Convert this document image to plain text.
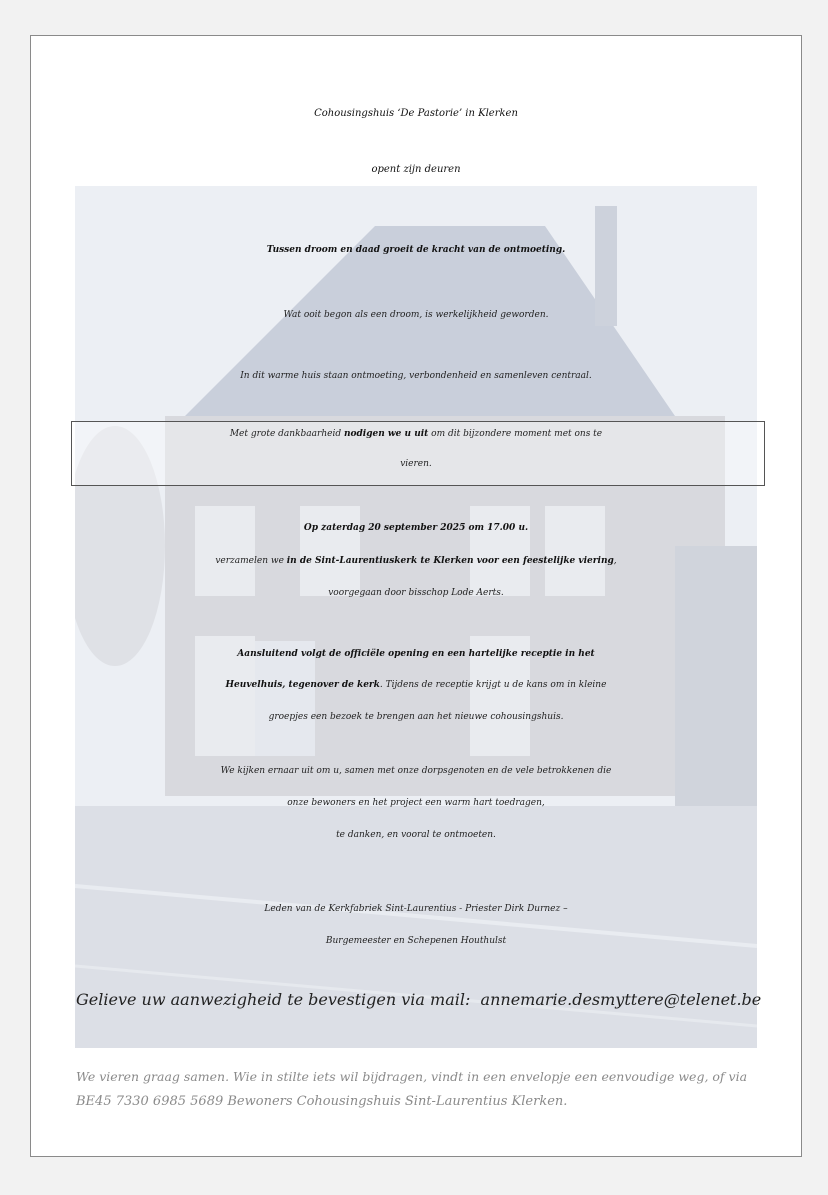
Cohousingshuis ‘De Pastorie’ in Klerken
opent zijn deuren
Tussen droom en daad groeit de kracht van de ontmoeting.
Wat ooit begon als een droom, is werkelijkheid geworden.
In dit warme huis staan ontmoeting, verbondenheid en samenleven centraal.
Met grote dankbaarheid nodigen we u uit om dit bijzondere moment met ons te
vieren.
Op zaterdag 20 september 2025 om 17.00 u.
verzamelen we in de Sint-Laurentiuskerk te Klerken voor een feestelijke viering,
voorgegaan door bisschop Lode Aerts.
Aansluitend volgt de officiële opening en een hartelijke receptie in het
Heuvelhuis, tegenover de kerk. Tijdens de receptie krijgt u de kans om in kleine
groepjes een bezoek te brengen aan het nieuwe cohousingshuis.
We kijken ernaar uit om u, samen met onze dorpsgenoten en de vele betrokkenen die
onze bewoners en het project een warm hart toedragen,
te danken, en vooral te ontmoeten.
Leden van de Kerkfabriek Sint-Laurentius - Priester Dirk Durnez –
Burgemeester en Schepenen Houthulst
Gelieve uw aanwezigheid te bevestigen via mail: annemarie.desmyttere@telenet.be
We vieren graag samen. Wie in stilte iets wil bijdragen, vindt in een envelopje een eenvoudige weg, of via
BE45 7330 6985 5689 Bewoners Cohousingshuis Sint-Laurentius Klerken.
